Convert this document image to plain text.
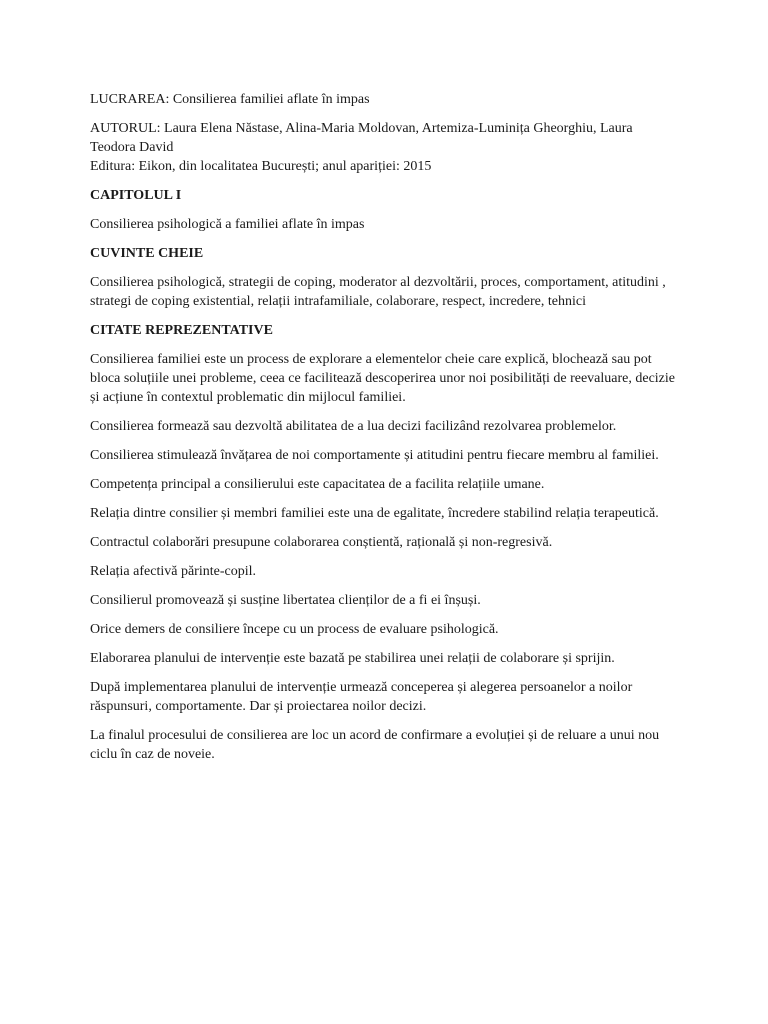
LUCRAREA: Consilierea familiei aflate în impas

AUTORUL: Laura Elena Năstase, Alina-Maria Moldovan, Artemiza-Luminița Gheorghiu, Laura Teodora David

Editura: Eikon, din localitatea București; anul apariției: 2015

CAPITOLUL I

Consilierea psihologică a familiei aflate în impas

CUVINTE CHEIE

Consilierea psihologică, strategii de coping, moderator al dezvoltării, proces, comportament, atitudini , strategi de coping existential, relații intrafamiliale, colaborare, respect, incredere, tehnici

CITATE REPREZENTATIVE

Consilierea familiei este un process de explorare a elementelor cheie care explică, blochează sau pot bloca soluțiile unei probleme, ceea ce facilitează descoperirea unor noi posibilități de reevaluare, decizie și acțiune în contextul problematic din mijlocul familiei.

Consilierea formează sau dezvoltă abilitatea de a lua decizi facilizând rezolvarea problemelor.

Consilierea stimulează învățarea de noi comportamente și atitudini pentru fiecare membru al familiei.

Competența principal a consilierului este capacitatea de a facilita relațiile umane.

Relația dintre consilier și membri familiei este una de egalitate, încredere stabilind relația terapeutică.

Contractul colaborări presupune colaborarea conștientă, rațională și non-regresivă.

Relația afectivă părinte-copil.

Consilierul promovează și susține libertatea clienților de a fi ei înșuși.

Orice demers de consiliere începe cu un process de evaluare psihologică.

Elaborarea planului de intervenție este bazată pe stabilirea unei relații de colaborare și sprijin.

După implementarea planului de intervenție urmează conceperea și alegerea persoanelor a noilor răspunsuri, comportamente. Dar și proiectarea noilor decizi.

La finalul procesului de consilierea are loc un acord de confirmare a evoluției și de reluare a unui nou ciclu în caz de noveie.
